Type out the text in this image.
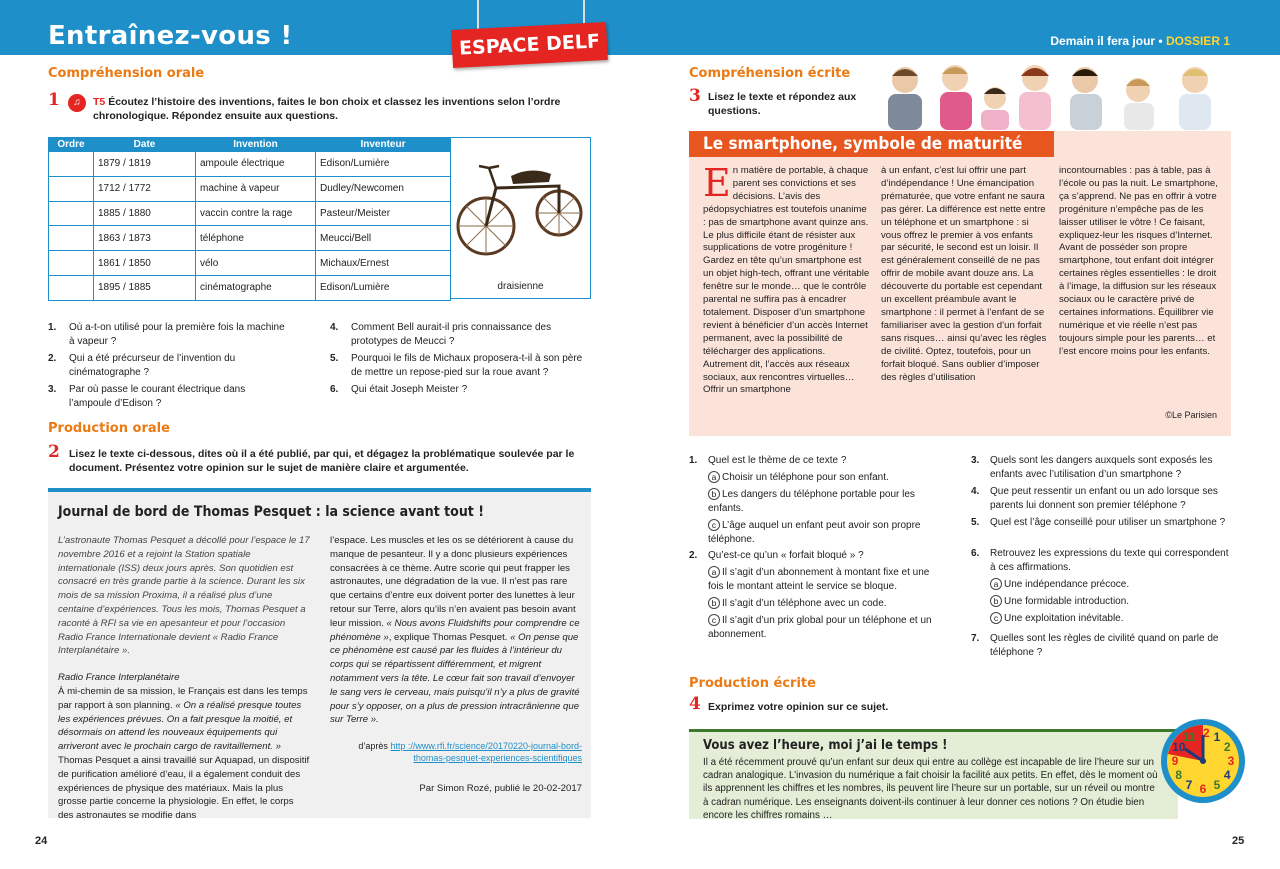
Entraînez-vous !	Demain il fera jour • DOSSIER 1
ESPACE DELF
Compréhension orale
1	♫	T5 Écoutez l’histoire des inventions, faites le bon choix et classez les inventions selon l’ordre chronologique. Répondez ensuite aux questions.
Ordre	Date	Invention	Inventeur
	1879 / 1819	ampoule électrique	Edison/Lumière
	1712 / 1772	machine à vapeur	Dudley/Newcomen
	1885 / 1880	vaccin contre la rage	Pasteur/Meister
	1863 / 1873	téléphone	Meucci/Bell
	1861 / 1850	vélo	Michaux/Ernest
	1895 / 1885	cinématographe	Edison/Lumière	draisienne
1. Où a-t-on utilisé pour la première fois la machine à vapeur ?
2. Qui a été précurseur de l’invention du cinématographe ?
3. Par où passe le courant électrique dans l’ampoule d’Edison ?
4. Comment Bell aurait-il pris connaissance des prototypes de Meucci ?
5. Pourquoi le fils de Michaux proposera-t-il à son père de mettre un repose-pied sur la roue avant ?
6. Qui était Joseph Meister ?
Production orale
2 Lisez le texte ci-dessous, dites où il a été publié, par qui, et dégagez la problématique soulevée par le document. Présentez votre opinion sur le sujet de manière claire et argumentée.
Journal de bord de Thomas Pesquet : la science avant tout !

L’astronaute Thomas Pesquet a décollé pour l’espace le 17 novembre 2016 et a rejoint la Station spatiale internationale (ISS) deux jours après. Son quotidien est consacré en très grande partie à la science. Durant les six mois de sa mission Proxima, il a réalisé plus d’une centaine d’expériences. Tous les mois, Thomas Pesquet a raconté à RFI sa vie en apesanteur et pour l’occasion Radio France Internationale devient « Radio France Interplanétaire ».

Radio France Interplanétaire

À mi-chemin de sa mission, le Français est dans les temps par rapport à son planning. « On a réalisé presque toutes les expériences prévues. On a fait presque la moitié, et désormais on attend les nouveaux équipements qui arriveront avec le prochain cargo de ravitaillement. »

Thomas Pesquet a ainsi travaillé sur Aquapad, un dispositif de purification amélioré d’eau, il a également conduit des expériences de physique des matériaux. Mais la plus grosse partie concerne la physiologie. En effet, le corps des astronautes se modifie dans

l’espace. Les muscles et les os se détériorent à cause du manque de pesanteur. Il y a donc plusieurs expériences consacrées à ce thème. Autre scorie qui peut frapper les astronautes, une dégradation de la vue. Il n’est pas rare que certains d’entre eux doivent porter des lunettes à leur retour sur Terre, alors qu’ils n’en avaient pas besoin avant leur mission. « Nous avons Fluidshifts pour comprendre ce phénomène », explique Thomas Pesquet. « On pense que ce phénomène est causé par les fluides à l’intérieur du corps qui se répartissent différemment, et migrent notamment vers la tête. Le cœur fait son travail d’envoyer le sang vers le cerveau, mais puisqu’il n’y a plus de gravité pour s’y opposer, on a plus de pression intracrânienne que sur Terre ».

d’après http ://www.rfi.fr/science/20170220-journal-bord-thomas-pesquet-experiences-scientifiques

Par Simon Rozé, publié le 20-02-2017

24
Compréhension écrite
3 Lisez le texte et répondez aux questions.
Le smartphone, symbole de maturité
En matière de portable, à chaque parent ses convictions et ses décisions. L’avis des pédopsychiatres est toutefois unanime : pas de smartphone avant quinze ans. Le plus difficile étant de résister aux supplications de votre progéniture ! Gardez en tête qu’un smartphone est un objet high-tech, offrant une véritable fenêtre sur le monde… que le contrôle parental ne suffira pas à encadrer totalement. Disposer d’un smartphone revient à bénéficier d’un accès Internet permanent, avec la possibilité de télécharger des applications. Autrement dit, l’accès aux réseaux sociaux, aux rencontres virtuelles… Offrir un smartphone
à un enfant, c’est lui offrir une part d’indépendance ! Une émancipation prématurée, que votre enfant ne saura pas gérer. La différence est nette entre un téléphone et un smartphone : si vous offrez le premier à vos enfants par sécurité, le second est un loisir. Il est généralement conseillé de ne pas offrir de mobile avant douze ans. La découverte du portable est cependant un excellent préambule avant le smartphone : il permet à l’enfant de se familiariser avec la gestion d’un forfait sans risques… ainsi qu’avec les règles de civilité. Optez, toutefois, pour un forfait bloqué. Sans oublier d’imposer des règles d’utilisation
incontournables : pas à table, pas à l’école ou pas la nuit. Le smartphone, ça s’apprend. Ne pas en offrir à votre progéniture n’empêche pas de les laisser utiliser le vôtre ! Ce faisant, expliquez-leur les risques d’Internet. Avant de posséder son propre smartphone, tout enfant doit intégrer certaines règles essentielles : le droit à l’image, la diffusion sur les réseaux sociaux ou le caractère privé de certaines informations. Équilibrer vie numérique et vie réelle n’est pas toujours simple pour les parents… et l’est encore moins pour les enfants.
©Le Parisien
1. Quel est le thème de ce texte ?
a Choisir un téléphone pour son enfant.
b Les dangers du téléphone portable pour les enfants.
c L’âge auquel un enfant peut avoir son propre téléphone.
2. Qu’est-ce qu’un « forfait bloqué » ?
a Il s’agit d’un abonnement à montant fixe et une fois le montant atteint le service se bloque.
b Il s’agit d’un téléphone avec un code.
c Il s’agit d’un prix global pour un téléphone et un abonnement.
3. Quels sont les dangers auxquels sont exposés les enfants avec l’utilisation d’un smartphone ?
4. Que peut ressentir un enfant ou un ado lorsque ses parents lui donnent son premier téléphone ?
5. Quel est l’âge conseillé pour utiliser un smartphone ?
6. Retrouvez les expressions du texte qui correspondent à ces affirmations.
a Une indépendance précoce.
b Une formidable introduction.
c Une exploitation inévitable.
7. Quelles sont les règles de civilité quand on parle de téléphone ?
Production écrite
4 Exprimez votre opinion sur ce sujet.
Vous avez l’heure, moi j’ai le temps !
Il a été récemment prouvé qu’un enfant sur deux qui entre au collège est incapable de lire l’heure sur un cadran analogique. L’invasion du numérique a fait choisir la facilité aux petits. En effet, dès le moment où ils apprennent les chiffres et les nombres, ils peuvent lire l’heure sur un portable, sur un réveil ou montre à cadran numérique. Les enseignants doivent-ils continuer à leur donner ces notions ? On étudie bien encore les chiffres romains …
12 1
2
3
4
5
6
7
8
9
10
11
25
